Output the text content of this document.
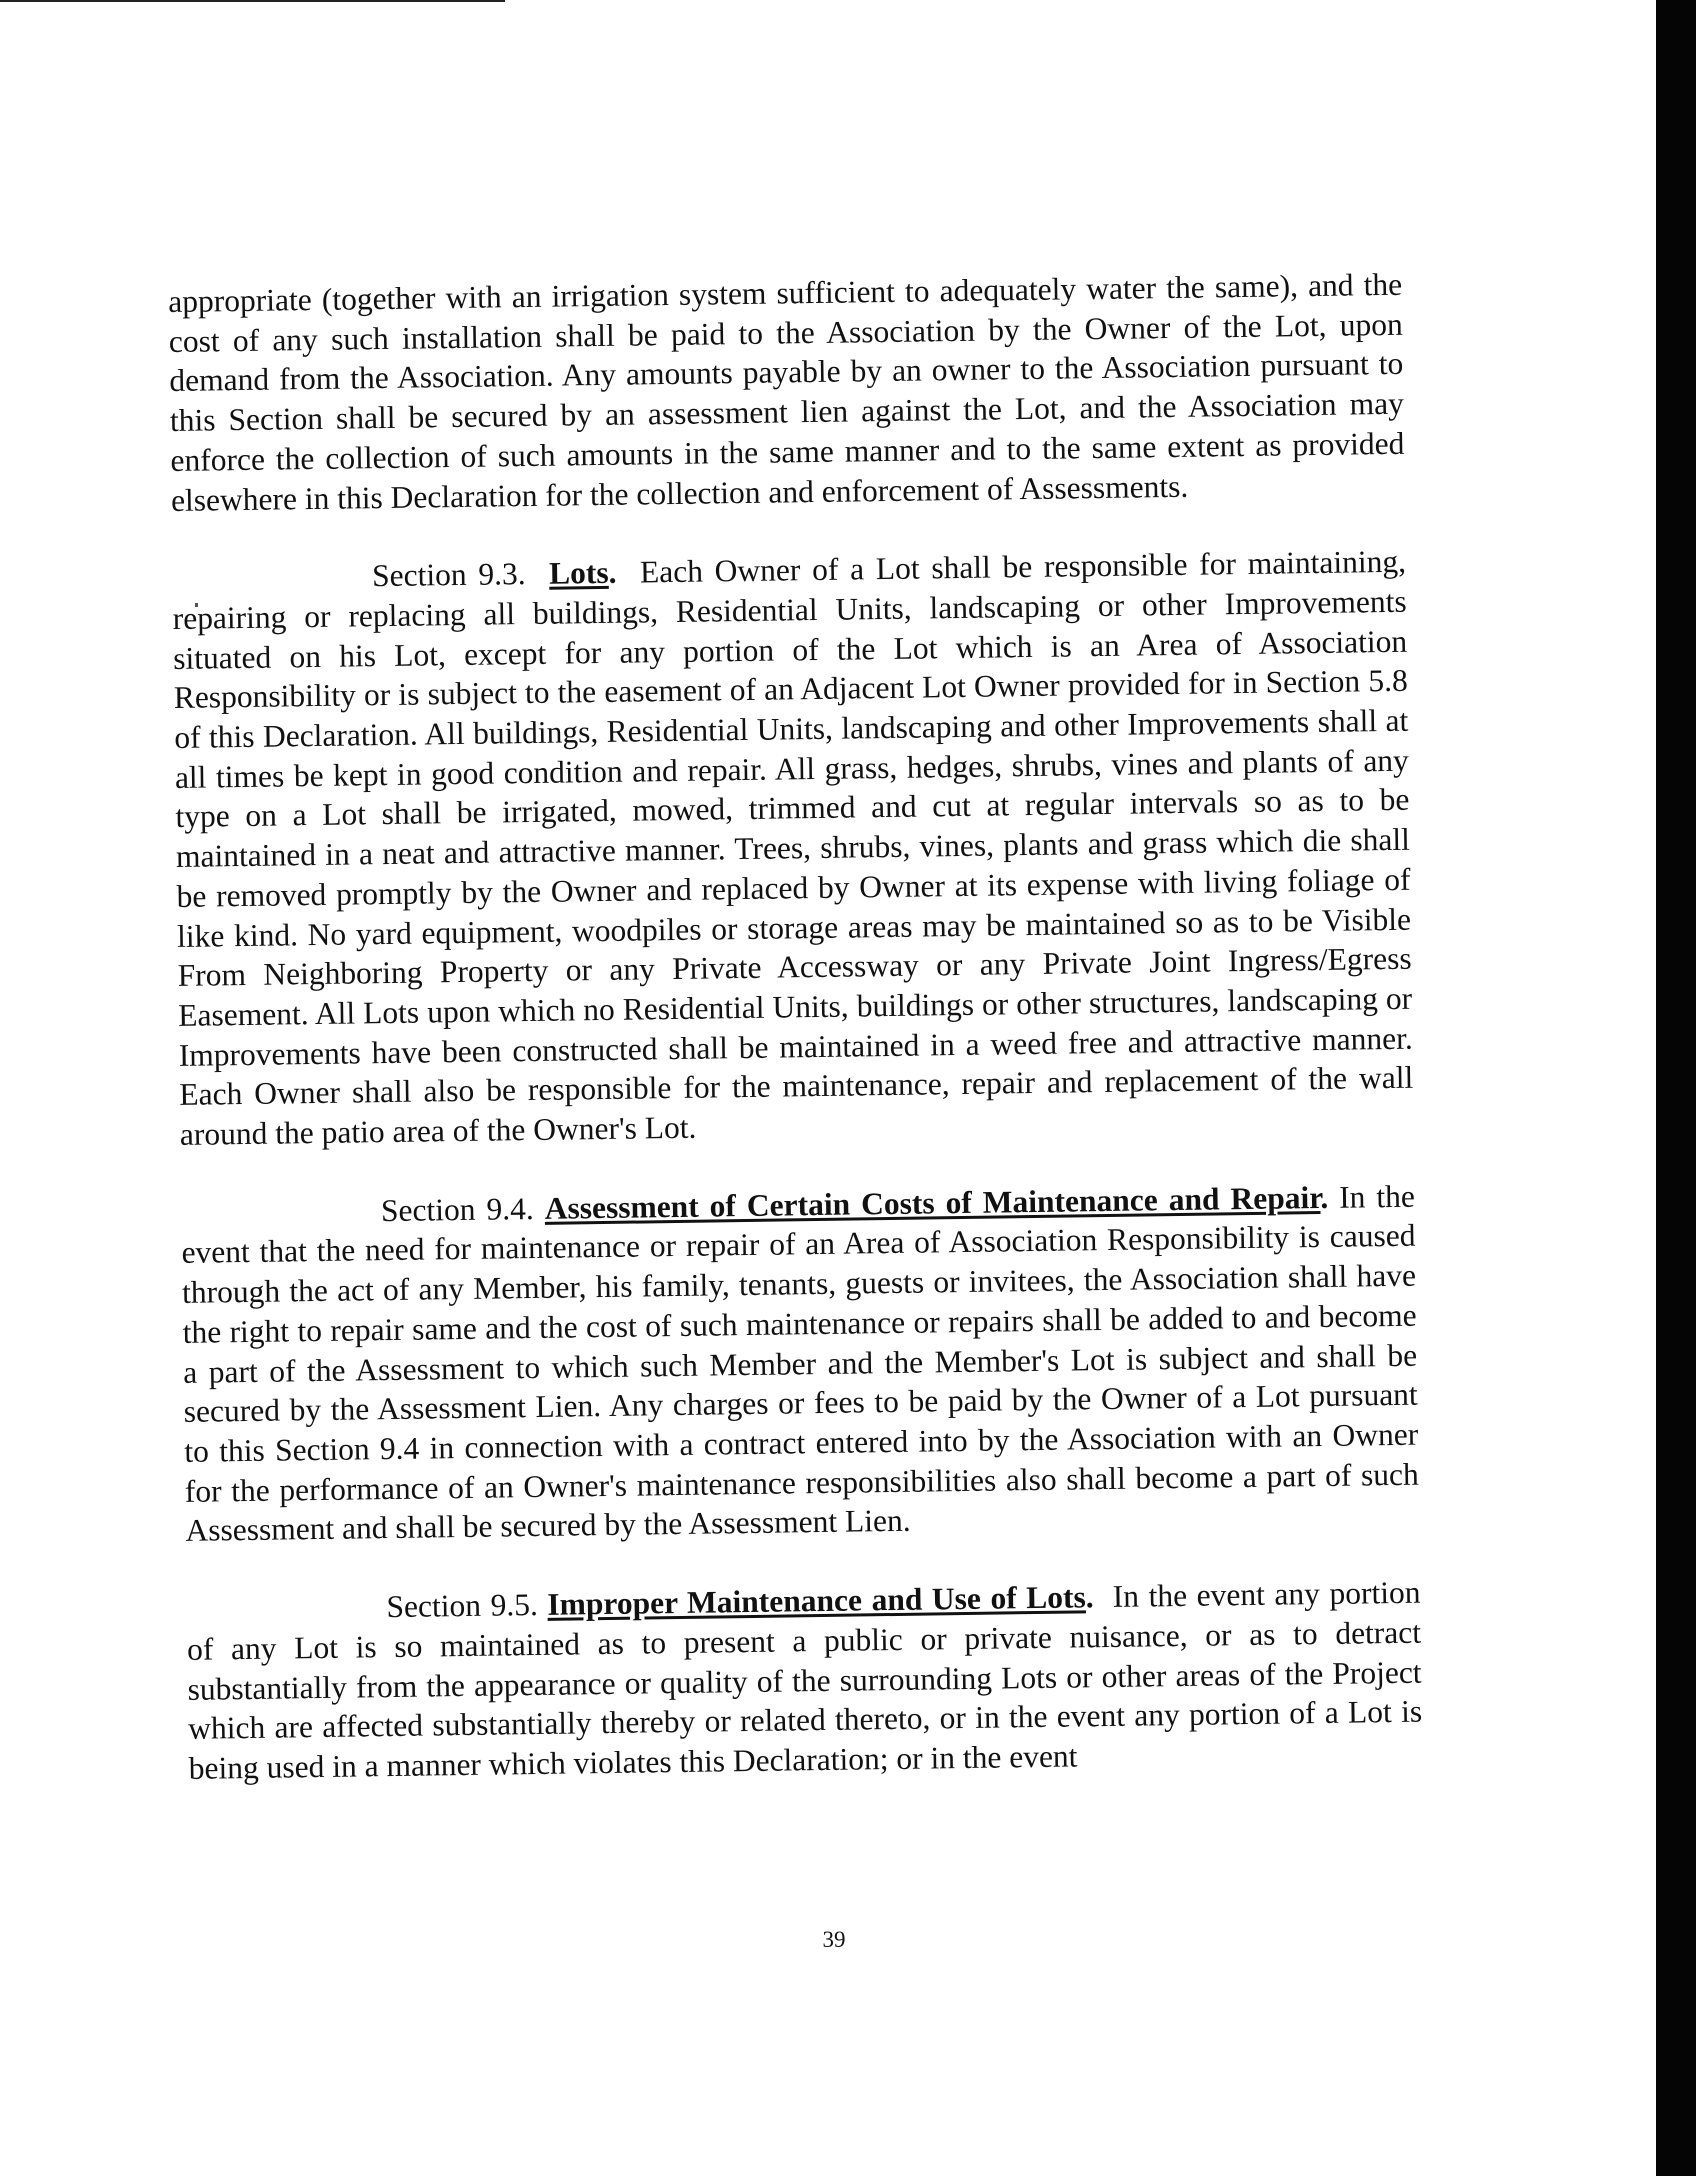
appropriate (together with an irrigation system sufficient to adequately water the same), and the cost of any such installation shall be paid to the Association by the Owner of the Lot, upon demand from the Association. Any amounts payable by an owner to the Association pursuant to this Section shall be secured by an assessment lien against the Lot, and the Association may enforce the collection of such amounts in the same manner and to the same extent as provided elsewhere in this Declaration for the collection and enforcement of Assessments.

Section 9.3. Lots. Each Owner of a Lot shall be responsible for maintaining, repairing or replacing all buildings, Residential Units, landscaping or other Improvements situated on his Lot, except for any portion of the Lot which is an Area of Association Responsibility or is subject to the easement of an Adjacent Lot Owner provided for in Section 5.8 of this Declaration. All buildings, Residential Units, landscaping and other Improvements shall at all times be kept in good condition and repair. All grass, hedges, shrubs, vines and plants of any type on a Lot shall be irrigated, mowed, trimmed and cut at regular intervals so as to be maintained in a neat and attractive manner. Trees, shrubs, vines, plants and grass which die shall be removed promptly by the Owner and replaced by Owner at its expense with living foliage of like kind. No yard equipment, woodpiles or storage areas may be maintained so as to be Visible From Neighboring Property or any Private Accessway or any Private Joint Ingress/Egress Easement. All Lots upon which no Residential Units, buildings or other structures, landscaping or Improvements have been constructed shall be maintained in a weed free and attractive manner. Each Owner shall also be responsible for the maintenance, repair and replacement of the wall around the patio area of the Owner's Lot.

Section 9.4. Assessment of Certain Costs of Maintenance and Repair. In the event that the need for maintenance or repair of an Area of Association Responsibility is caused through the act of any Member, his family, tenants, guests or invitees, the Association shall have the right to repair same and the cost of such maintenance or repairs shall be added to and become a part of the Assessment to which such Member and the Member's Lot is subject and shall be secured by the Assessment Lien. Any charges or fees to be paid by the Owner of a Lot pursuant to this Section 9.4 in connection with a contract entered into by the Association with an Owner for the performance of an Owner's maintenance responsibilities also shall become a part of such Assessment and shall be secured by the Assessment Lien.

Section 9.5. Improper Maintenance and Use of Lots. In the event any portion of any Lot is so maintained as to present a public or private nuisance, or as to detract substantially from the appearance or quality of the surrounding Lots or other areas of the Project which are affected substantially thereby or related thereto, or in the event any portion of a Lot is being used in a manner which violates this Declaration; or in the event

39
